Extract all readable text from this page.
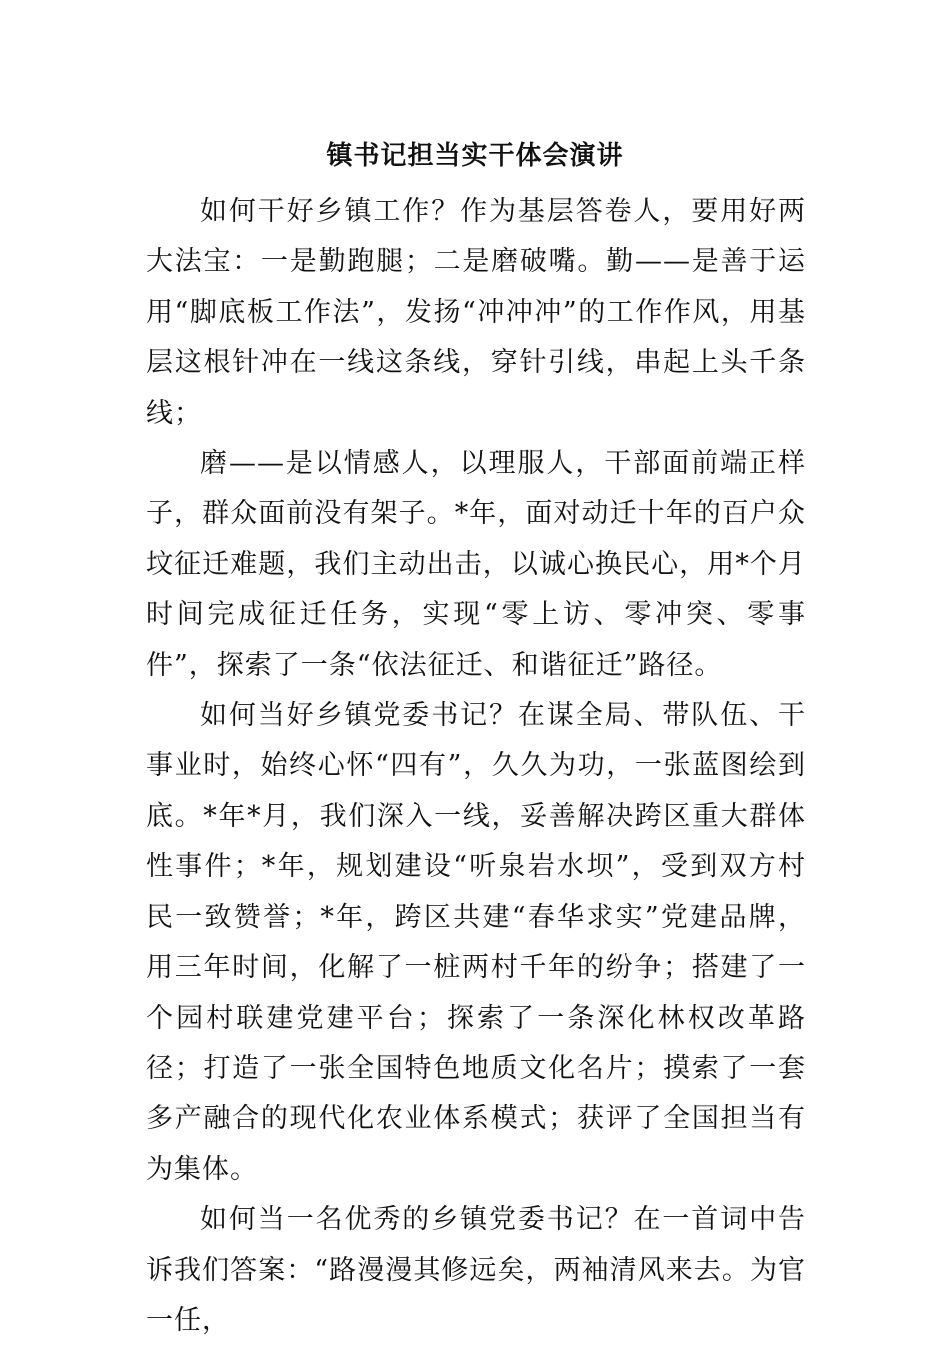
镇书记担当实干体会演讲

如何干好乡镇工作？作为基层答卷人，要用好两大法宝：一是勤跑腿；二是磨破嘴。勤——是善于运用“脚底板工作法”，发扬“冲冲冲”的工作作风，用基层这根针冲在一线这条线，穿针引线，串起上头千条线；

磨——是以情感人，以理服人，干部面前端正样子，群众面前没有架子。*年，面对动迁十年的百户众坟征迁难题，我们主动出击，以诚心换民心，用*个月时间完成征迁任务，实现“零上访、零冲突、零事件”，探索了一条“依法征迁、和谐征迁”路径。

如何当好乡镇党委书记？在谋全局、带队伍、干事业时，始终心怀“四有”，久久为功，一张蓝图绘到底。*年*月，我们深入一线，妥善解决跨区重大群体性事件；*年，规划建设“听泉岩水坝”，受到双方村民一致赞誉；*年，跨区共建“春华求实”党建品牌，用三年时间，化解了一桩两村千年的纷争；搭建了一个园村联建党建平台；探索了一条深化林权改革路径；打造了一张全国特色地质文化名片；摸索了一套多产融合的现代化农业体系模式；获评了全国担当有为集体。

如何当一名优秀的乡镇党委书记？在一首词中告诉我们答案：“路漫漫其修远矣，两袖清风来去。为官一任，
